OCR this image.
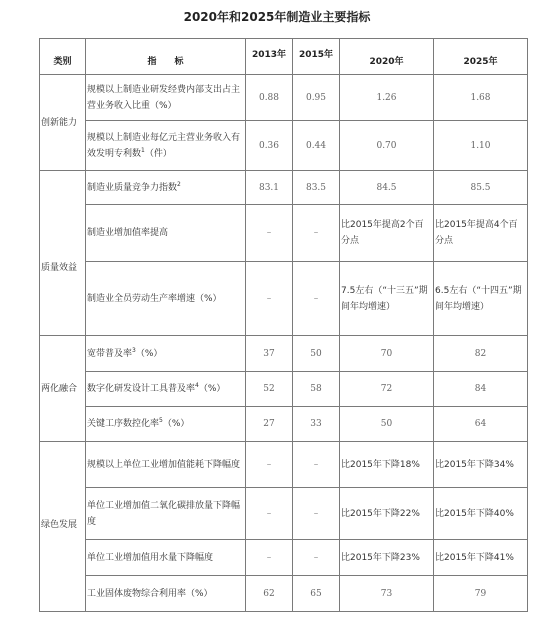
2020年和2025年制造业主要指标
类别	指　　标	2013年	2015年	2020年	2025年
创新能力	规模以上制造业研发经费内部支出占主营业务收入比重（%）	0.88	0.95	1.26	1.68
	规模以上制造业每亿元主营业务收入有效发明专利数$^1$（件）	0.36	0.44	0.70	1.10
质量效益	制造业质量竞争力指数$^2$	83.1	83.5	84.5	85.5
	制造业增加值率提高	–	–	比2015年提高2个百分点	比2015年提高4个百分点
	制造业全员劳动生产率增速（%）	–	–	7.5左右（“十三五”期间年均增速）	6.5左右（“十四五”期间年均增速）
两化融合	宽带普及率$^3$（%）	37	50	70	82
	数字化研发设计工具普及率$^4$（%）	52	58	72	84
	关键工序数控化率$^5$（%）	27	33	50	64
绿色发展	规模以上单位工业增加值能耗下降幅度	–	–	比2015年下降18%	比2015年下降34%
	单位工业增加值二氧化碳排放量下降幅度	–	–	比2015年下降22%	比2015年下降40%
	单位工业增加值用水量下降幅度	–	–	比2015年下降23%	比2015年下降41%
	工业固体废物综合利用率（%）	62	65	73	79
